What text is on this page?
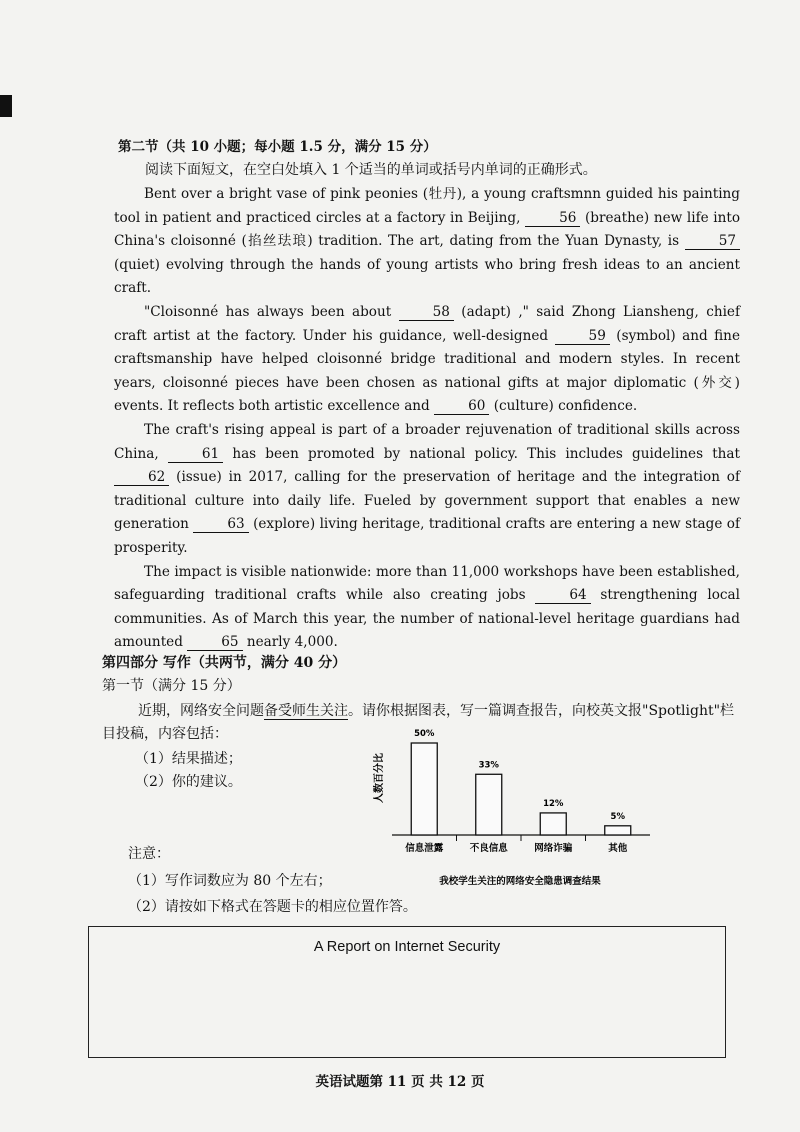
第二节（共 10 小题；每小题 1.5 分，满分 15 分）
阅读下面短文，在空白处填入 1 个适当的单词或括号内单词的正确形式。

Bent over a bright vase of pink peonies (牡丹), a young craftsmnn guided his painting tool in patient and practiced circles at a factory in Beijing,	56 (breathe) new life into China's cloisonné (掐丝珐琅) tradition. The art, dating from the Yuan Dynasty, is	57 (quiet) evolving through the hands of young artists who bring fresh ideas to an ancient craft.

"Cloisonné has always been about	58 (adapt) ," said Zhong Liansheng, chief craft artist at the factory. Under his guidance, well-designed	59 (symbol) and fine craftsmanship have helped cloisonné bridge traditional and modern styles. In recent years, cloisonné pieces have been chosen as national gifts at major diplomatic (外交) events. It reflects both artistic excellence and	60 (culture) confidence.

The craft's rising appeal is part of a broader rejuvenation of traditional skills across China,	61 has been promoted by national policy. This includes guidelines that 62 (issue) in 2017, calling for the preservation of heritage and the integration of traditional culture into daily life. Fueled by government support that enables a new generation	63 (explore) living heritage, traditional crafts are entering a new stage of prosperity.

The impact is visible nationwide: more than 11,000 workshops have been established, safeguarding traditional crafts while also creating jobs	64 strengthening local communities. As of March this year, the number of national-level heritage guardians had amounted	65 nearly 4,000.

第四部分 写作（共两节，满分 40 分）
第一节（满分 15 分）
近期，网络安全问题备受师生关注。请你根据图表，写一篇调查报告，向校英文报"Spotlight"栏目投稿，内容包括：
（1）结果描述；
（2）你的建议。	人数百分比
50%
信息泄露
33%
不良信息
12%
网络诈骗
5%
其他
我校学生关注的网络安全隐患调查结果
注意：
（1）写作词数应为 80 个左右；
（2）请按如下格式在答题卡的相应位置作答。
A Report on Internet Security
英语试题第 11 页 共 12 页
